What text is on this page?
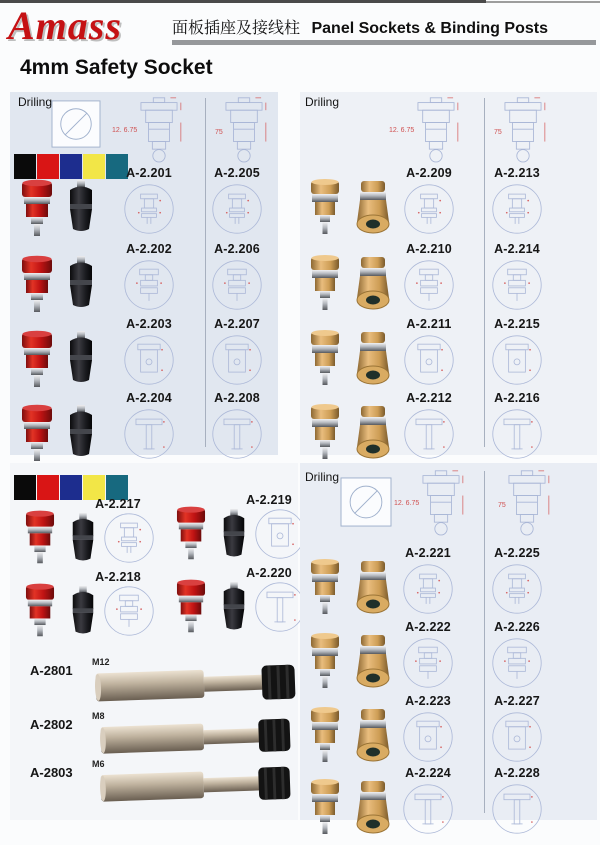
Amass	面板插座及接线柱 Panel Sockets & Binding Posts
4mm Safety Socket
Driling
12. 6.75	75
A-2.201	A-2.205
A-2.202	A-2.206
A-2.203	A-2.207
A-2.204	A-2.208
Driling
12. 6.75	75
A-2.209	A-2.213
A-2.210	A-2.214
A-2.211	A-2.215
A-2.212	A-2.216
A-2.217	A-2.219
A-2.218	A-2.220
A-2801
M12
A-2802
M8
A-2803
M6
Driling
12. 6.75	75
A-2.221	A-2.225
A-2.222	A-2.226
A-2.223	A-2.227
A-2.224	A-2.228
